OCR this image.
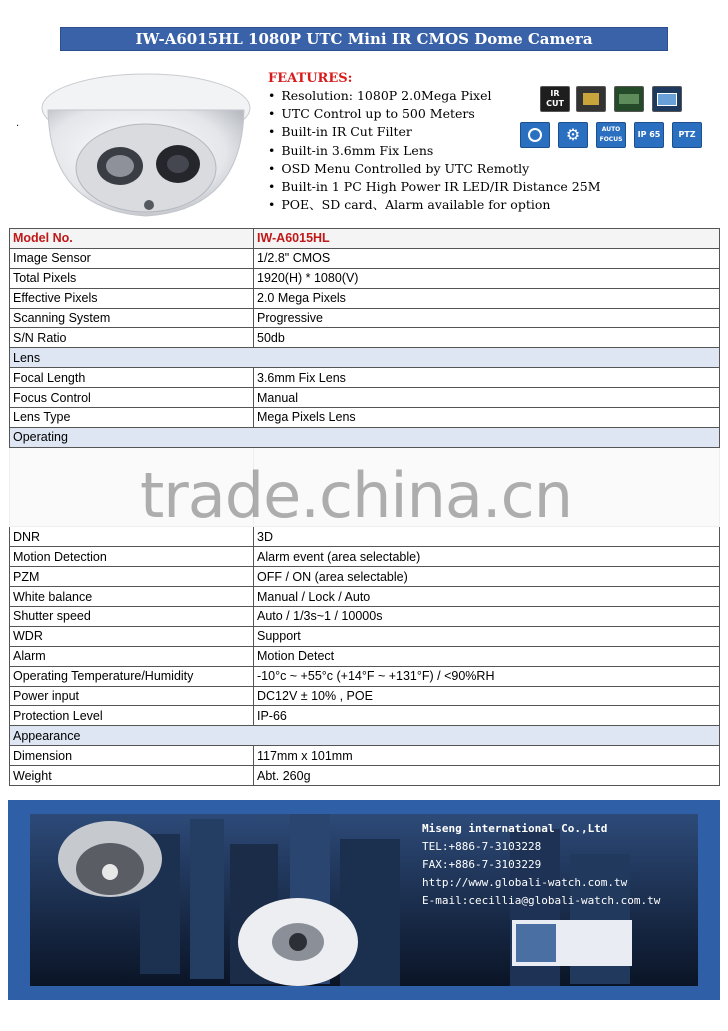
IW-A6015HL 1080P UTC Mini IR CMOS Dome Camera
.
FEATURES:
• Resolution: 1080P 2.0Mega Pixel
• UTC Control up to 500 Meters
• Built-in IR Cut Filter
• Built-in 3.6mm Fix Lens
• OSD Menu Controlled by UTC Remotly
• Built-in 1 PC High Power IR LED/IR Distance 25M
• POE、SD card、Alarm available for option
IR CUT
⚙	AUTO FOCUS
IP 65 PTZ
Model No.	IW-A6015HL
Image Sensor	1/2.8" CMOS
Total Pixels	1920(H) * 1080(V)
Effective Pixels	2.0 Mega Pixels
Scanning System	Progressive
S/N Ratio	50db
Lens	
Focal Length	3.6mm Fix Lens
Focus Control	Manual
Lens Type	Mega Pixels Lens
Operating	

DNR	3D
Motion Detection	Alarm event (area selectable)
PZM	OFF / ON (area selectable)
White balance	Manual / Lock / Auto
Shutter speed	Auto / 1/3s~1 / 10000s
WDR	Support
Alarm	Motion Detect
Operating Temperature/Humidity	-10°c ~ +55°c (+14°F ~ +131°F) / <90%RH
Power input	DC12V ± 10% , POE
Protection Level	IP-66
Appearance	
Dimension	117mm x 101mm
Weight	Abt. 260g
trade.china.cn
Miseng international Co.,Ltd
TEL:+886-7-3103228
FAX:+886-7-3103229
http://www.globali-watch.com.tw
E-mail:cecillia@globali-watch.com.tw
